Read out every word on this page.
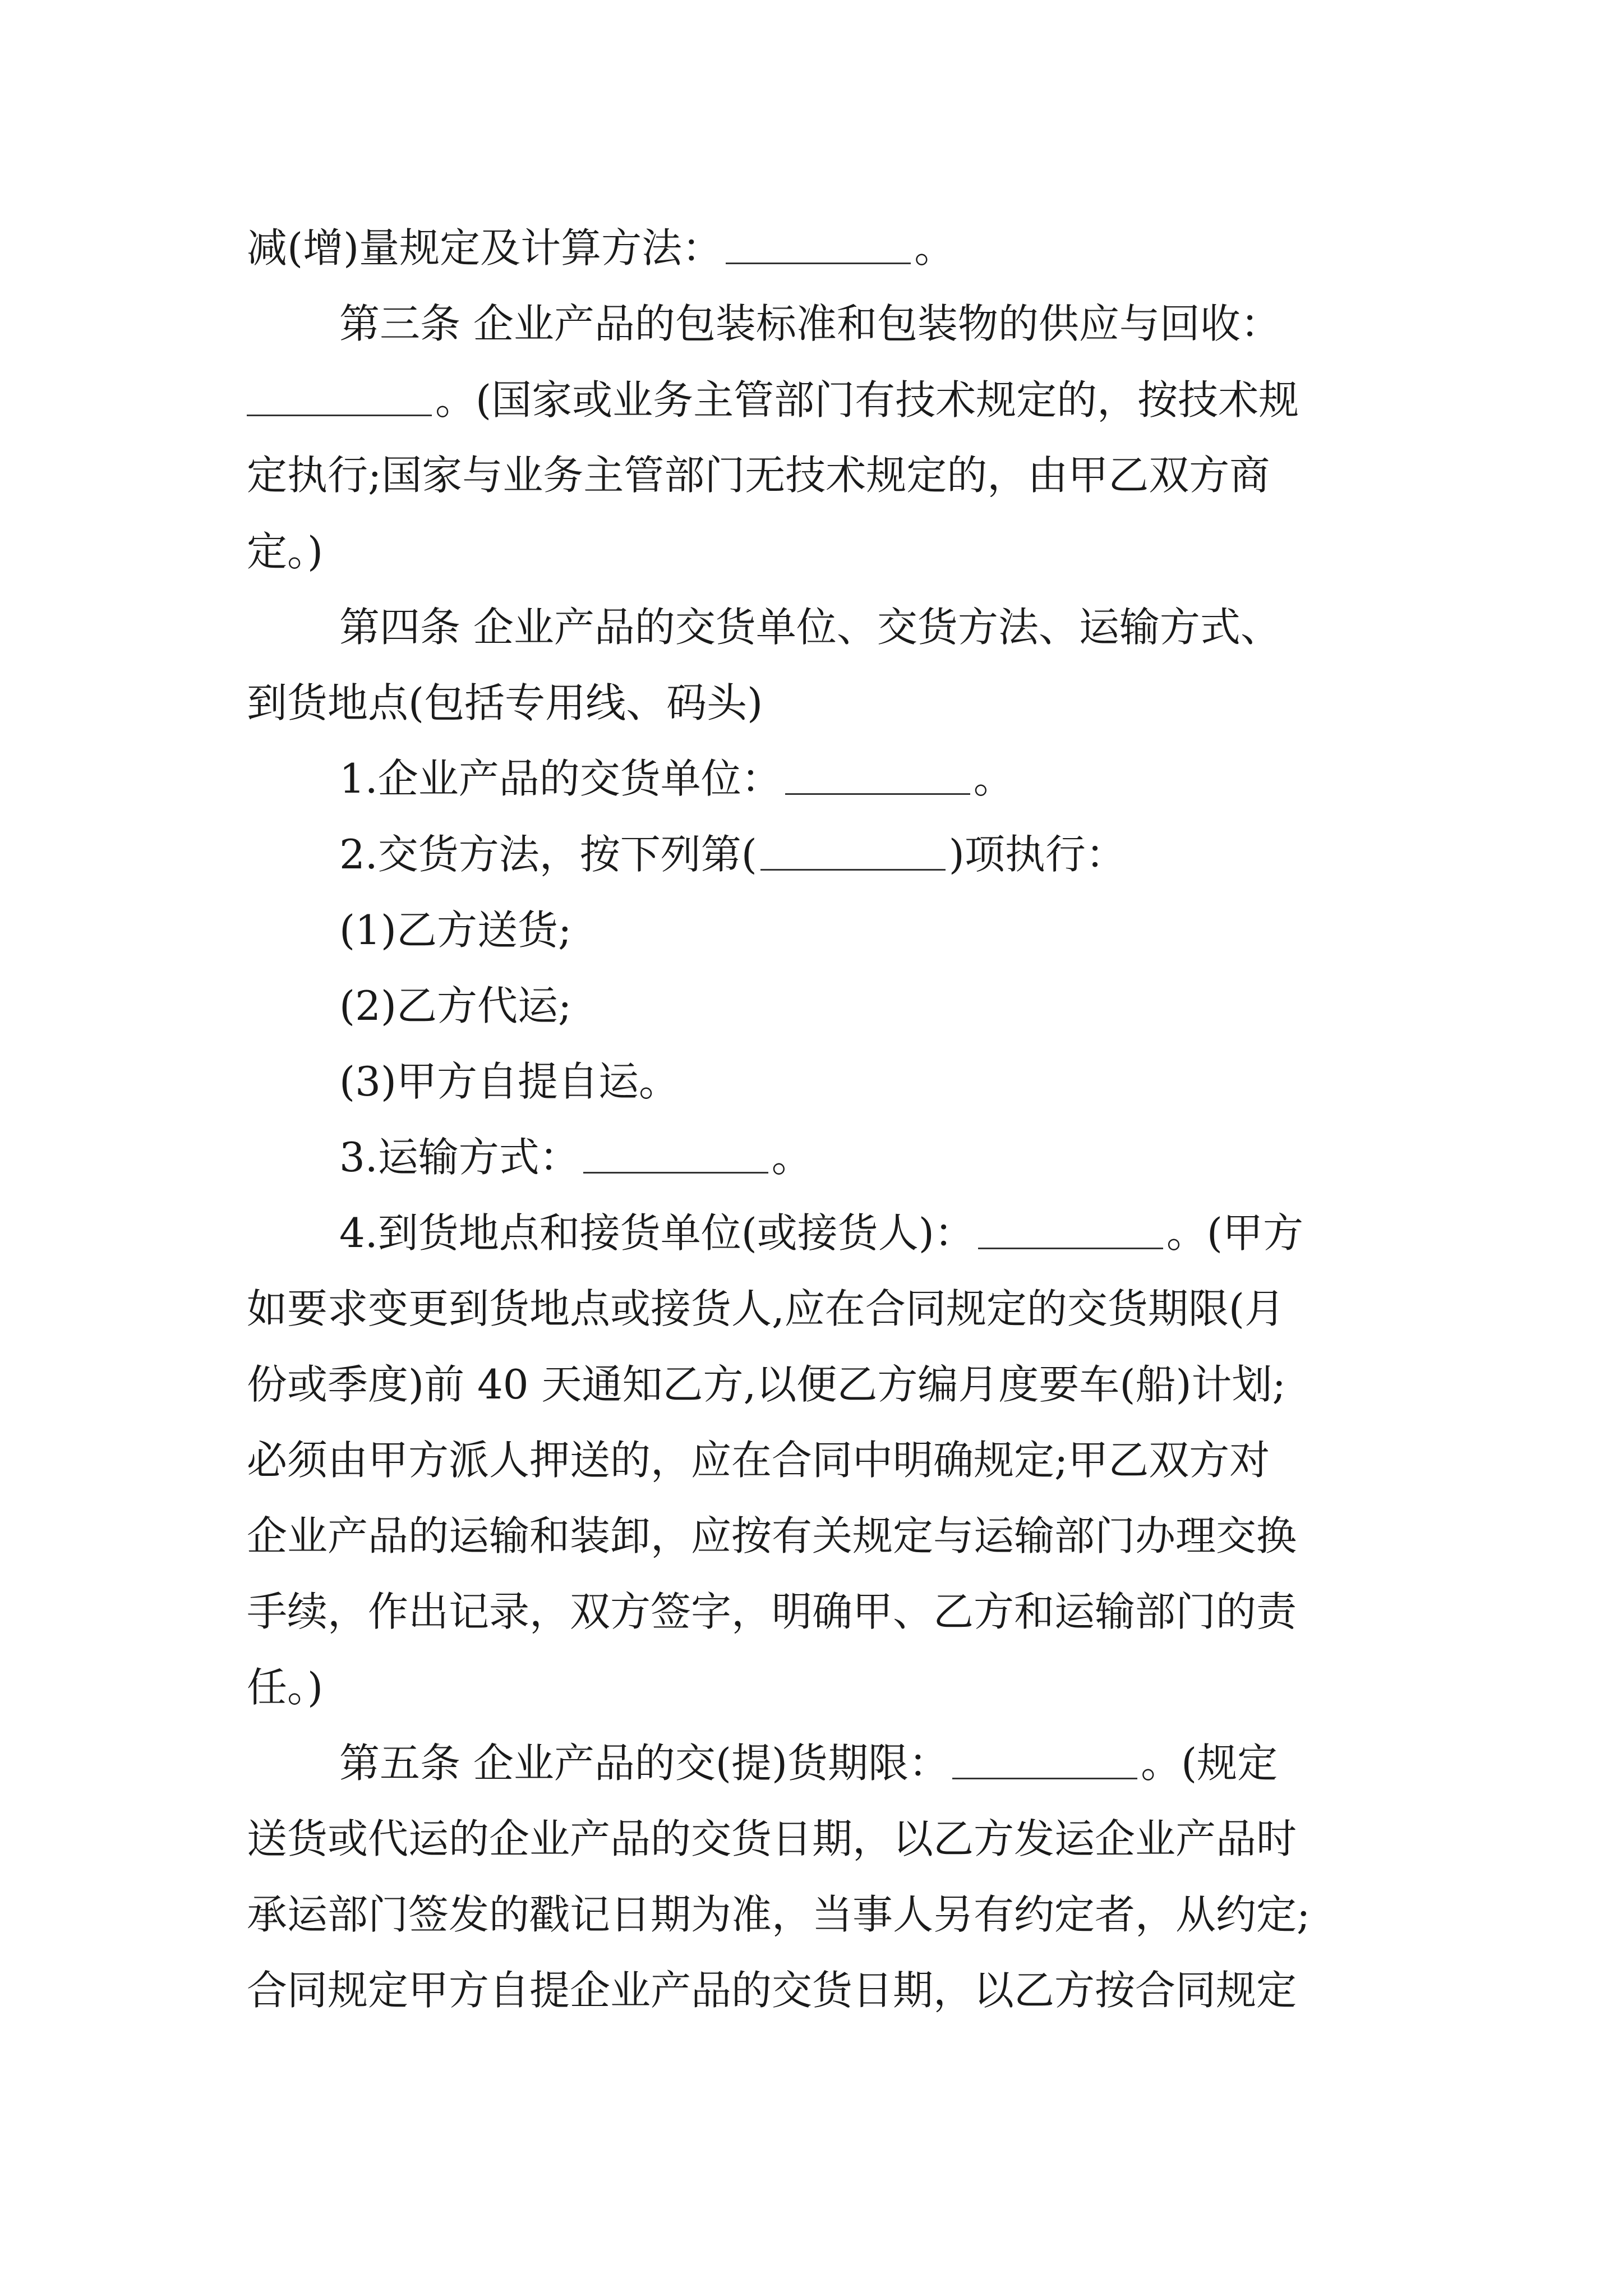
减(增)量规定及计算方法：	。
第三条 企业产品的包装标准和包装物的供应与回收：
。(国家或业务主管部门有技术规定的，按技术规
定执行;国家与业务主管部门无技术规定的，由甲乙双方商
定。)
第四条 企业产品的交货单位、交货方法、运输方式、
到货地点(包括专用线、码头)
1.企业产品的交货单位：	。
2.交货方法，按下列第(	)项执行：
(1)乙方送货;
(2)乙方代运;
(3)甲方自提自运。
3.运输方式：	。
4.到货地点和接货单位(或接货人)：	。(甲方
如要求变更到货地点或接货人,应在合同规定的交货期限(月
份或季度)前 40 天通知乙方,以便乙方编月度要车(船)计划;
必须由甲方派人押送的，应在合同中明确规定;甲乙双方对
企业产品的运输和装卸，应按有关规定与运输部门办理交换
手续，作出记录，双方签字，明确甲、乙方和运输部门的责
任。)
第五条 企业产品的交(提)货期限：	。(规定
送货或代运的企业产品的交货日期，以乙方发运企业产品时
承运部门签发的戳记日期为准，当事人另有约定者，从约定;
合同规定甲方自提企业产品的交货日期，以乙方按合同规定
